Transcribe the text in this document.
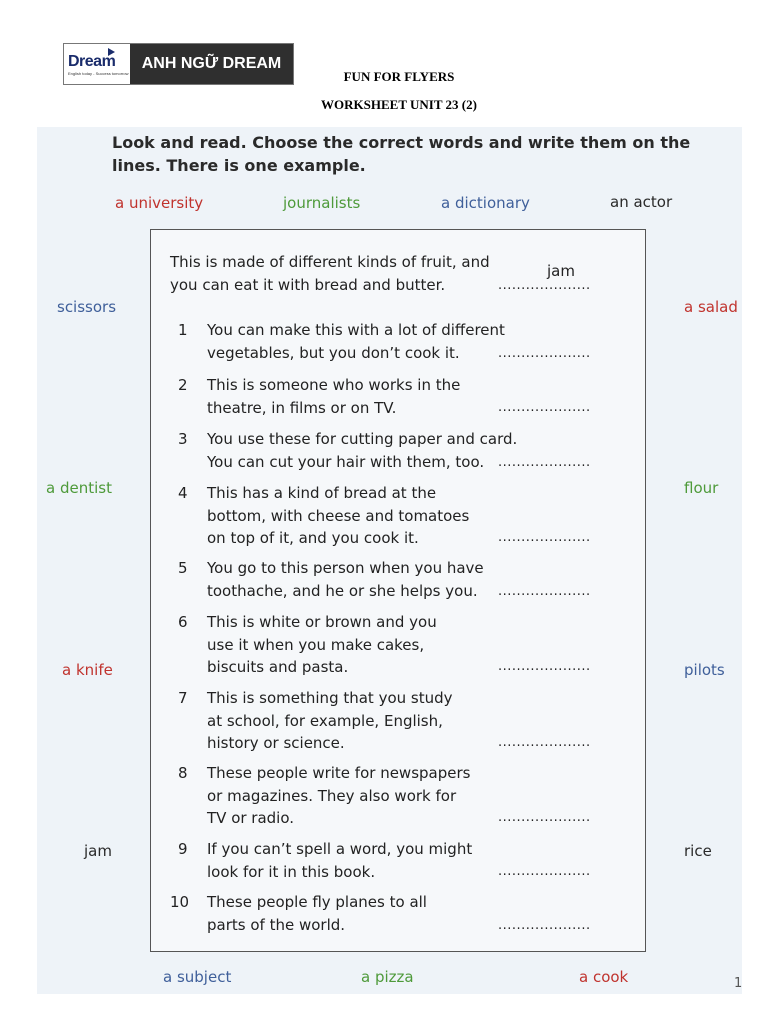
Dream
English today - Success tomorrow
ANH NGỮ DREAM
FUN FOR FLYERS
WORKSHEET UNIT 23 (2)
Look and read. Choose the correct words and write them on the
lines. There is one example.
a university	journalists	a dictionary	an actor
scissors	a salad
a dentist	flour
a knife	pilots
jam	rice
a subject	a pizza	a cook
This is made of different kinds of fruit, and
you can eat it with bread and butter.
jam
....................
1	You can make this with a lot of different
vegetables, but you don’t cook it.	....................
2	This is someone who works in the
theatre, in films or on TV.	....................
3	You use these for cutting paper and card.
You can cut your hair with them, too.	....................
4	This has a kind of bread at the
bottom, with cheese and tomatoes
on top of it, and you cook it.	....................
5	You go to this person when you have
toothache, and he or she helps you.	....................
6	This is white or brown and you
use it when you make cakes,
biscuits and pasta.	....................
7	This is something that you study
at school, for example, English,
history or science.	....................
8	These people write for newspapers
or magazines. They also work for
TV or radio.	....................
9	If you can’t spell a word, you might
look for it in this book.	....................
10 These people fly planes to all
parts of the world.	....................
1
